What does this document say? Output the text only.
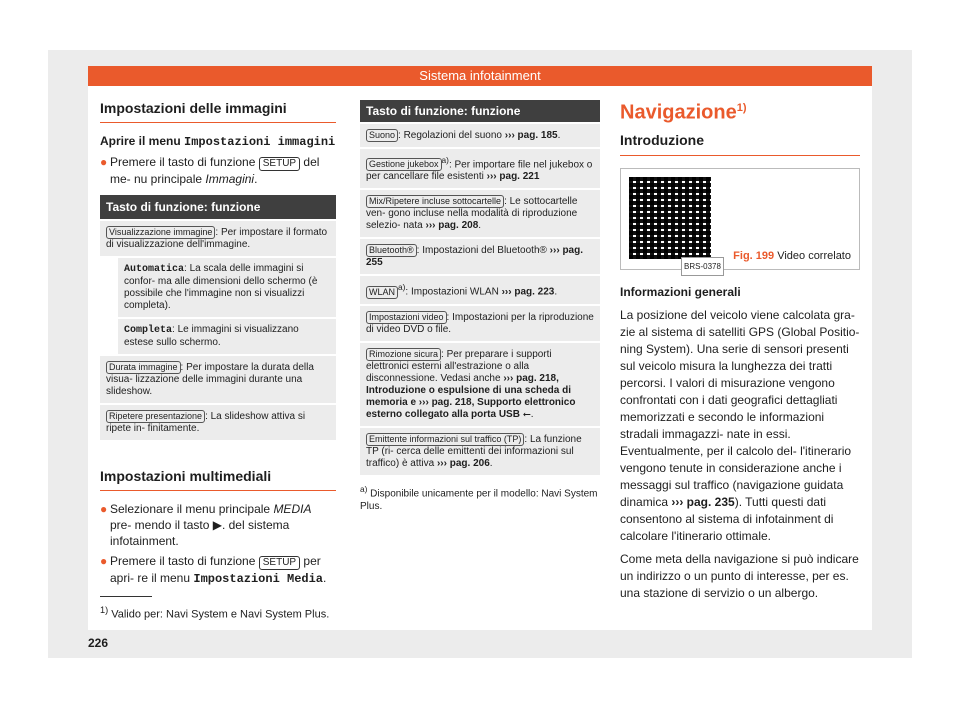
Sistema infotainment
Impostazioni delle immagini
Aprire il menu Impostazioni immagini
● Premere il tasto di funzione SETUP del me- nu principale Immagini.
Tasto di funzione: funzione
Visualizzazione immagine : Per impostare il formato di visualizzazione dell'immagine.
Automatica: La scala delle immagini si confor- ma alle dimensioni dello schermo (è possibile che l'immagine non si visualizzi completa).
Completa: Le immagini si visualizzano estese sullo schermo.
Durata immagine : Per impostare la durata della visua- lizzazione delle immagini durante una slideshow.
Ripetere presentazione : La slideshow attiva si ripete in- finitamente.
Impostazioni multimediali
● Selezionare il menu principale MEDIA pre- mendo il tasto ▶. del sistema infotainment.
● Premere il tasto di funzione SETUP per apri- re il menu Impostazioni Media.
Tasto di funzione: funzione
Suono : Regolazioni del suono ››› pag. 185.
Gestione jukebox $^{a)}$: Per importare file nel jukebox o per cancellare file esistenti ››› pag. 221
Mix/Ripetere incluse sottocartelle : Le sottocartelle ven- gono incluse nella modalità di riproduzione selezio- nata ››› pag. 208.
Bluetooth® : Impostazioni del Bluetooth® ››› pag. 255
WLAN $^{a)}$: Impostazioni WLAN ››› pag. 223.
Impostazioni video : Impostazioni per la riproduzione di video DVD o file.
Rimozione sicura : Per preparare i supporti elettronici esterni all'estrazione o alla disconnessione. Vedasi anche ››› pag. 218, Introduzione o espulsione di una scheda di memoria e ››› pag. 218, Supporto elettronico esterno collegato alla porta USB ⭠.
Emittente informazioni sul traffico (TP) : La funzione TP (ri- cerca delle emittenti dei informazioni sul traffico) è attiva ››› pag. 206.

$^{a)}$ Disponibile unicamente per il modello: Navi System Plus.

Navigazione$^{1)}$
Introduzione
BRS-0378
Fig. 199 Video correlato
Informazioni generali

La posizione del veicolo viene calcolata gra- zie al sistema di satelliti GPS (Global Positio- ning System). Una serie di sensori presenti sul veicolo misura la lunghezza dei tratti percorsi. I valori di misurazione vengono confrontati con i dati geografici dettagliati memorizzati e secondo le informazioni stradali immagazzi- nate in essi. Eventualmente, per il calcolo del- l'itinerario vengono tenute in considerazione anche i messaggi sul traffico (navigazione guidata dinamica ››› pag. 235). Tutti questi dati consentono al sistema di infotainment di calcolare l'itinerario ottimale.

Come meta della navigazione si può indicare un indirizzo o un punto di interesse, per es. una stazione di servizio o un albergo.

$^{1)}$ Valido per: Navi System e Navi System Plus.
226
